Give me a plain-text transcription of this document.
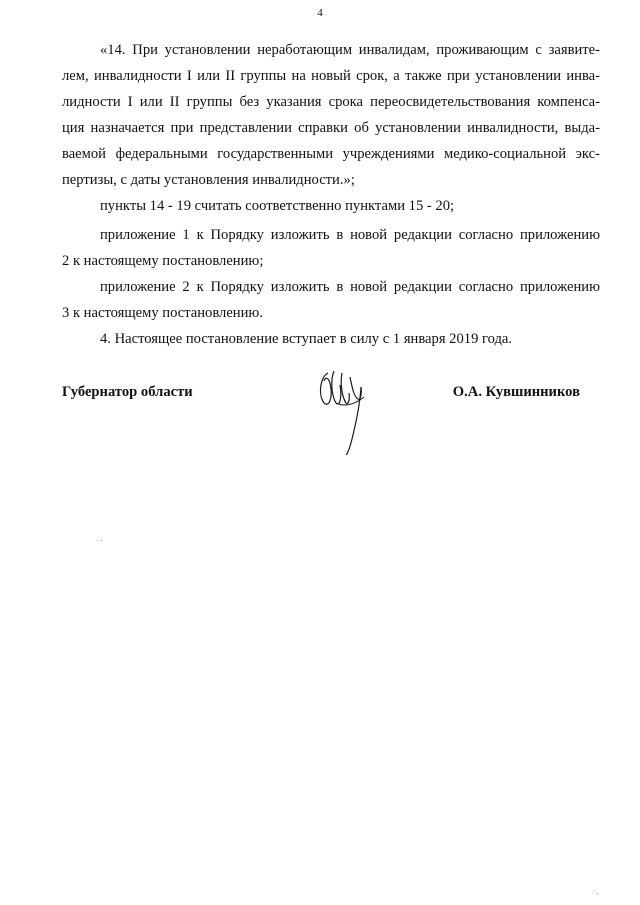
4
«14. При установлении неработающим инвалидам, проживающим с заявите-
лем, инвалидности I или II группы на новый срок, а также при установлении инва-
лидности I или II группы без указания срока переосвидетельствования компенса-
ция назначается при представлении справки об установлении инвалидности, выда-
ваемой федеральными государственными учреждениями медико-социальной экс-
пертизы, с даты установления инвалидности.»;
пункты 14 - 19 считать соответственно пунктами 15 - 20;
приложение 1 к Порядку изложить в новой редакции согласно приложению
2 к настоящему постановлению;
приложение 2 к Порядку изложить в новой редакции согласно приложению
3 к настоящему постановлению.
4. Настоящее постановление вступает в силу с 1 января 2019 года.
Губернатор области	О.А. Кувшинников
